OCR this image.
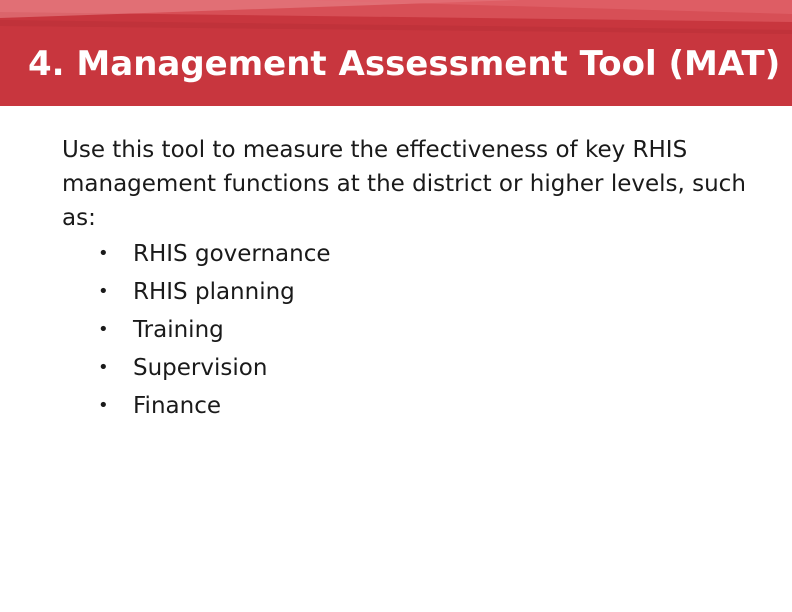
4. Management Assessment Tool (MAT)

Use this tool to measure the effectiveness of key RHIS management functions at the district or higher levels, such as:

• RHIS governance
• RHIS planning
• Training
• Supervision
• Finance
